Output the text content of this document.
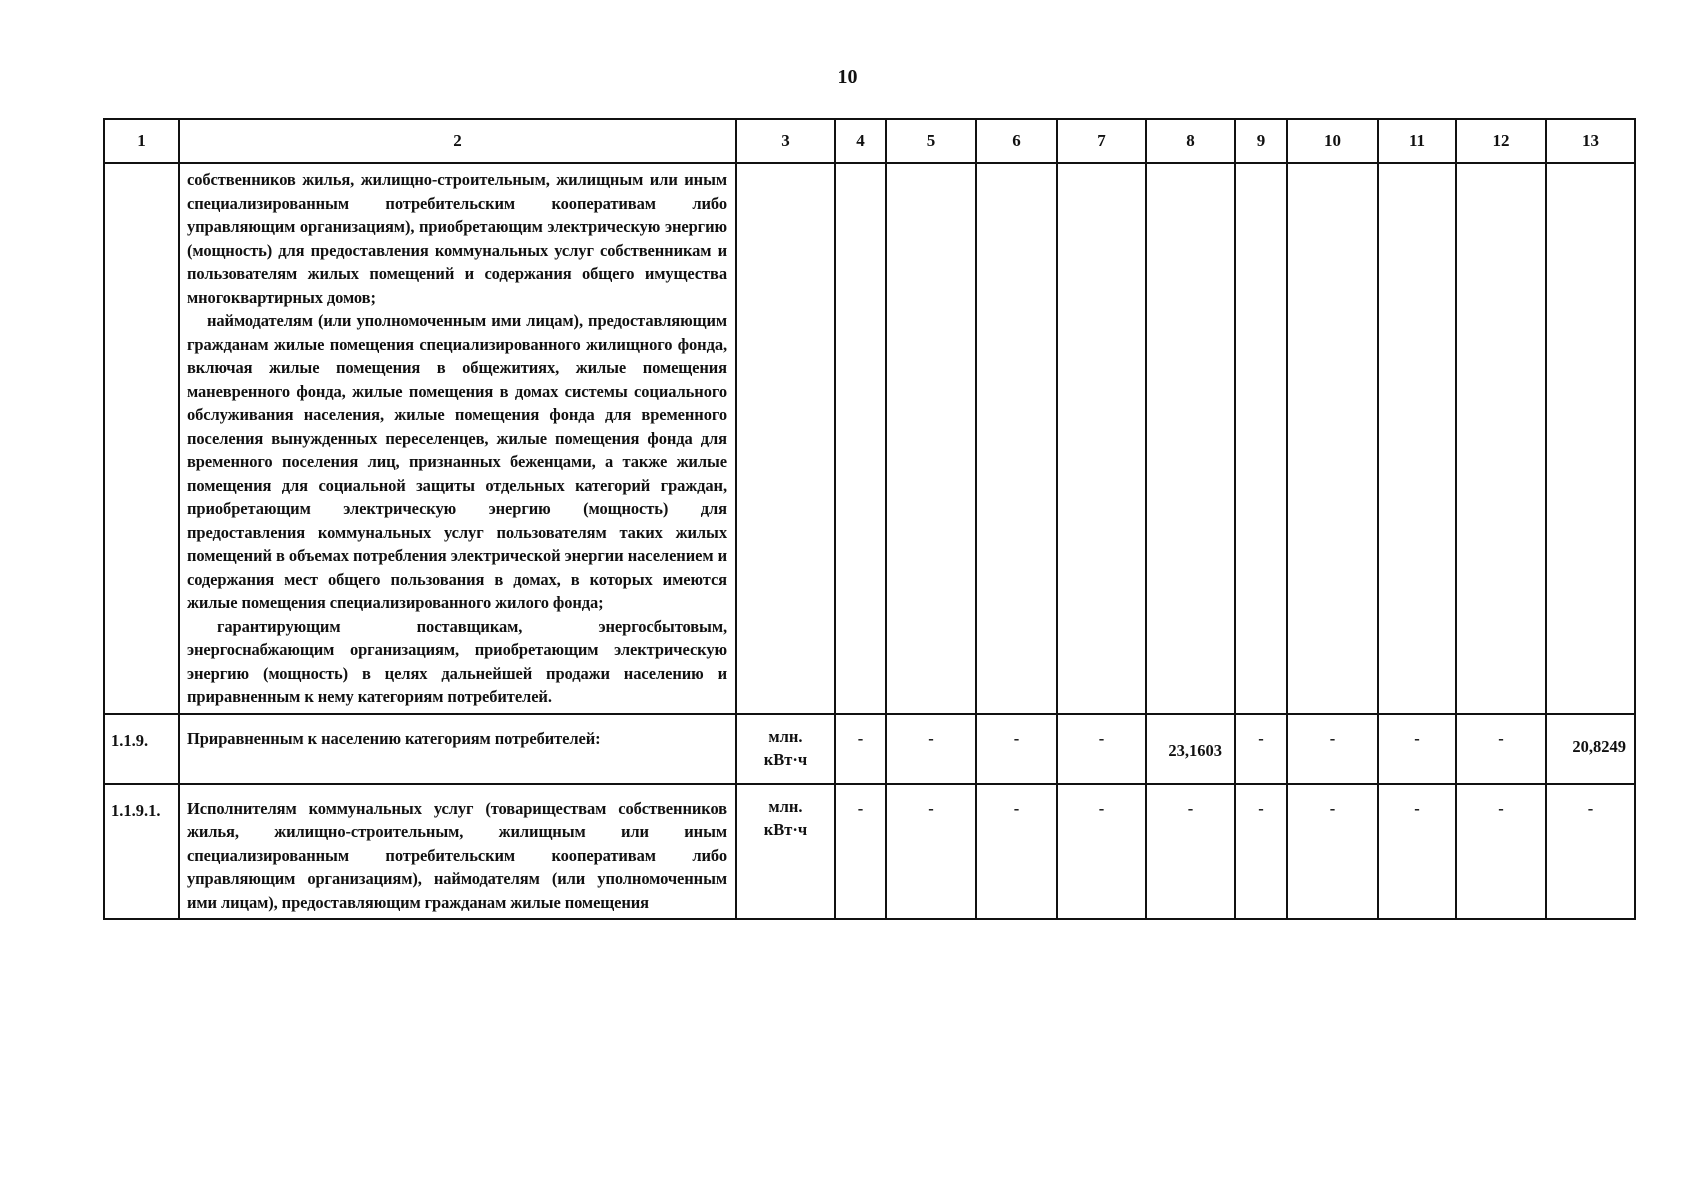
10
1	2	3	4	5	6	7	8	9	10	11	12	13

	собственников жилья, жилищно-строительным, жилищным или иным специализированным потребительским кооперативам либо управляющим организациям), приобретающим электрическую энергию (мощность) для предоставления коммунальных услуг собственникам и пользователям жилых помещений и содержания общего имущества многоквартирных домов;

наймодателям (или уполномоченным ими лицам), предоставляющим гражданам жилые помещения специализированного жилищного фонда, включая жилые помещения в общежитиях, жилые помещения маневренного фонда, жилые помещения в домах системы социального обслуживания населения, жилые помещения фонда для временного поселения вынужденных переселенцев, жилые помещения фонда для временного поселения лиц, признанных беженцами, а также жилые помещения для социальной защиты отдельных категорий граждан, приобретающим электрическую энергию (мощность) для предоставления коммунальных услуг пользователям таких жилых помещений в объемах потребления электрической энергии населением и содержания мест общего пользования в домах, в которых имеются жилые помещения специализированного жилого фонда;

гарантирующим поставщикам, энергосбытовым, энергоснабжающим организациям, приобретающим электрическую энергию (мощность) в целях дальнейшей продажи населению и приравненным к нему категориям потребителей.											

1.1.9.	Приравненным к населению категориям потребителей:	млн.
кВт·ч	-	-	-	-	23,1603	-	-	-	-	20,8249
1.1.9.1.	Исполнителям коммунальных услуг (товариществам собственников жилья, жилищно-строительным, жилищным или иным специализированным потребительским кооперативам либо управляющим организациям), наймодателям (или уполномоченным ими лицам), предоставляющим гражданам жилые помещения	млн.
кВт·ч	-	-	-	-	-	-	-	-	-	-
